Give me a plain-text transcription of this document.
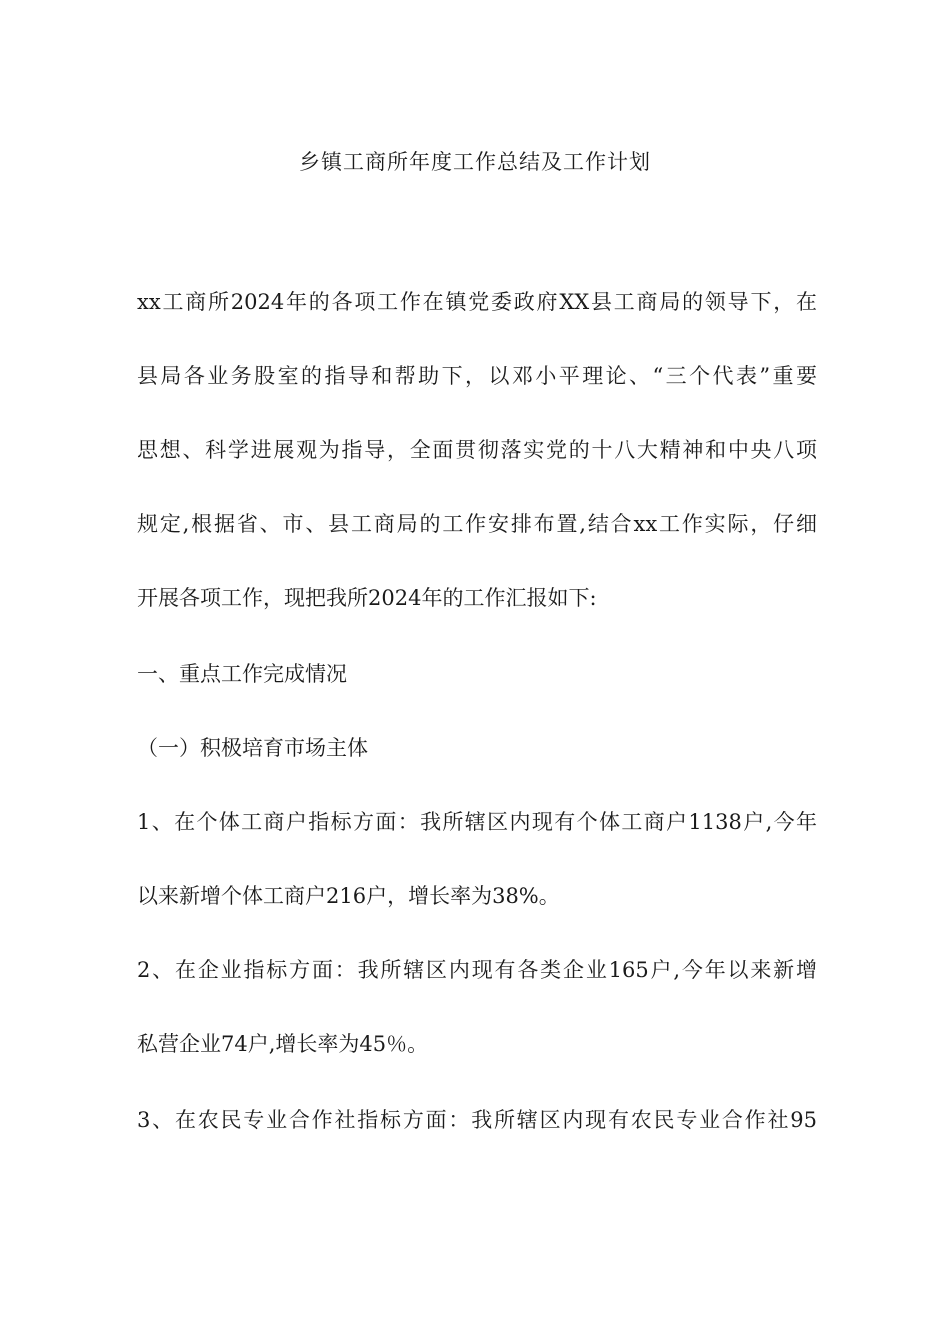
乡镇工商所年度工作总结及工作计划
xx工商所2024年的各项工作在镇党委政府XX县工商局的领导下，在
县局各业务股室的指导和帮助下，以邓小平理论、“三个代表”重要
思想、科学进展观为指导，全面贯彻落实党的十八大精神和中央八项
规定,根据省、市、县工商局的工作安排布置,结合xx工作实际，仔细
开展各项工作，现把我所2024年的工作汇报如下:
一、重点工作完成情况
（一）积极培育市场主体
1、在个体工商户指标方面：我所辖区内现有个体工商户1138户,今年
以来新增个体工商户216户，增长率为38%。
2、在企业指标方面：我所辖区内现有各类企业165户,今年以来新增
私营企业74户,增长率为45％。
3、在农民专业合作社指标方面：我所辖区内现有农民专业合作社95
